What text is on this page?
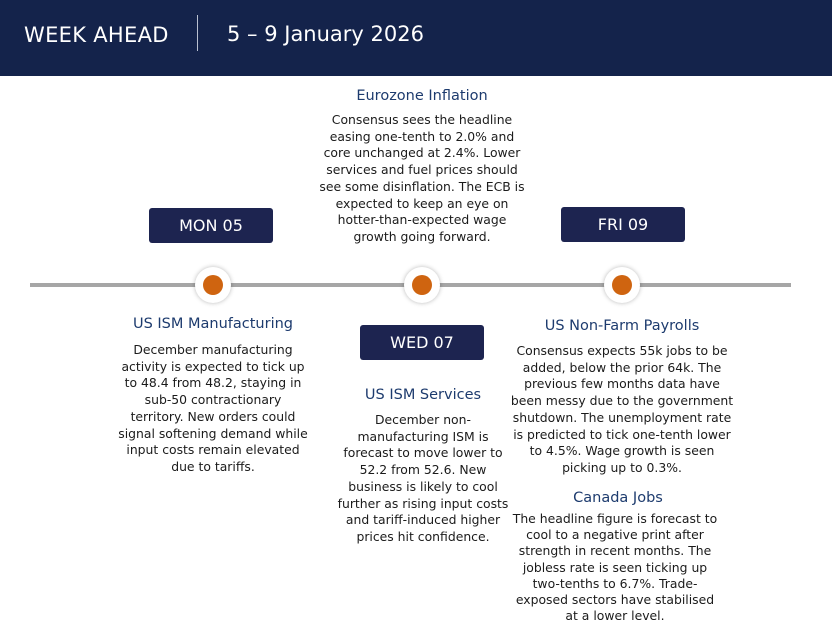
WEEK AHEAD	5 – 9 January 2026
Eurozone Inflation
Consensus sees the headline easing one-tenth to 2.0% and core unchanged at 2.4%. Lower services and fuel prices should see some disinflation. The ECB is expected to keep an eye on hotter-than-expected wage growth going forward.
MON 05	FRI 09
WED 07
US ISM Manufacturing
December manufacturing activity is expected to tick up to 48.4 from 48.2, staying in sub-50 contractionary territory. New orders could signal softening demand while input costs remain elevated due to tariffs.
US ISM Services
December non-manufacturing ISM is forecast to move lower to 52.2 from 52.6. New business is likely to cool further as rising input costs and tariff-induced higher prices hit confidence.
US Non-Farm Payrolls
Consensus expects 55k jobs to be added, below the prior 64k. The previous few months data have been messy due to the government shutdown. The unemployment rate is predicted to tick one-tenth lower to 4.5%. Wage growth is seen picking up to 0.3%.
Canada Jobs
The headline figure is forecast to cool to a negative print after strength in recent months. The jobless rate is seen ticking up two-tenths to 6.7%. Trade-exposed sectors have stabilised at a lower level.
